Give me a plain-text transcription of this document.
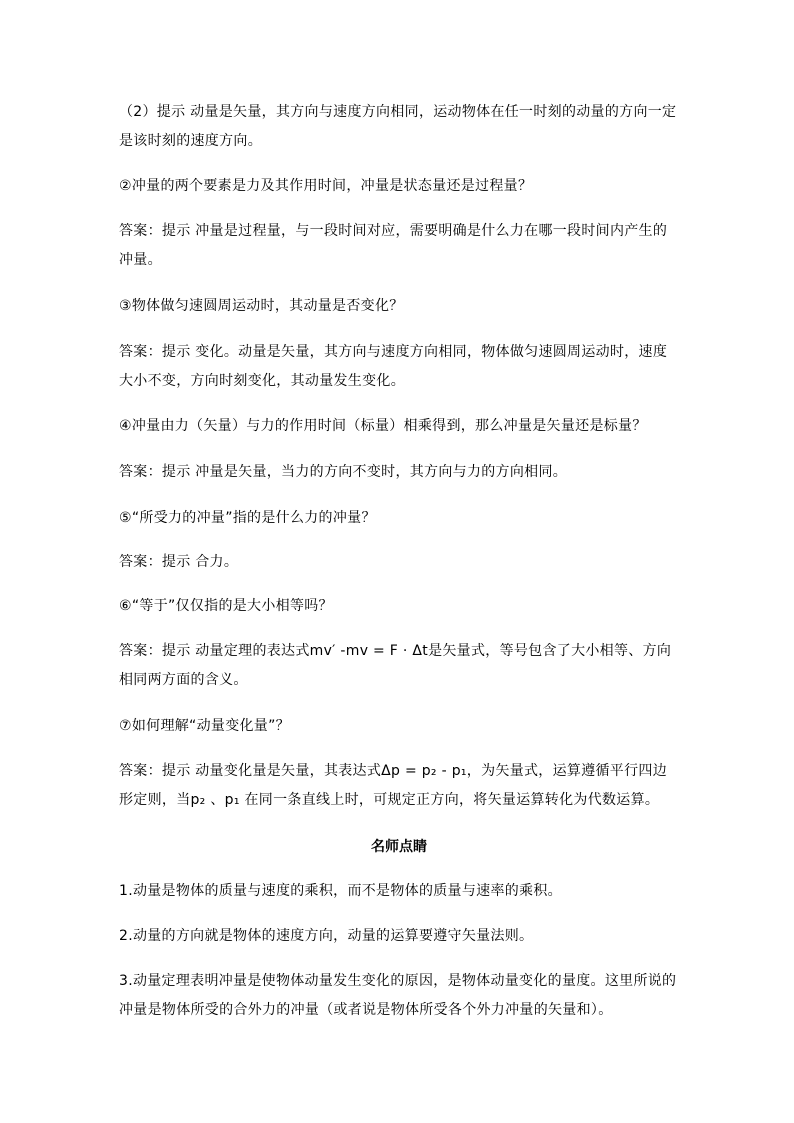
（2）提示 动量是矢量，其方向与速度方向相同，运动物体在任一时刻的动量的方向一定是该时刻的速度方向。

②冲量的两个要素是力及其作用时间，冲量是状态量还是过程量？

答案：提示 冲量是过程量，与一段时间对应，需要明确是什么力在哪一段时间内产生的冲量。

③物体做匀速圆周运动时，其动量是否变化？

答案：提示 变化。动量是矢量，其方向与速度方向相同，物体做匀速圆周运动时，速度大小不变，方向时刻变化，其动量发生变化。

④冲量由力（矢量）与力的作用时间（标量）相乘得到，那么冲量是矢量还是标量？

答案：提示 冲量是矢量，当力的方向不变时，其方向与力的方向相同。

⑤“所受力的冲量”指的是什么力的冲量？

答案：提示 合力。

⑥“等于”仅仅指的是大小相等吗？

答案：提示 动量定理的表达式mv′ -mv = F · Δt是矢量式，等号包含了大小相等、方向相同两方面的含义。

⑦如何理解“动量变化量”？

答案：提示 动量变化量是矢量，其表达式Δp = p₂ - p₁，为矢量式，运算遵循平行四边形定则，当p₂ 、p₁ 在同一条直线上时，可规定正方向，将矢量运算转化为代数运算。

名师点睛

1.动量是物体的质量与速度的乘积，而不是物体的质量与速率的乘积。

2.动量的方向就是物体的速度方向，动量的运算要遵守矢量法则。

3.动量定理表明冲量是使物体动量发生变化的原因，是物体动量变化的量度。这里所说的冲量是物体所受的合外力的冲量（或者说是物体所受各个外力冲量的矢量和）。
